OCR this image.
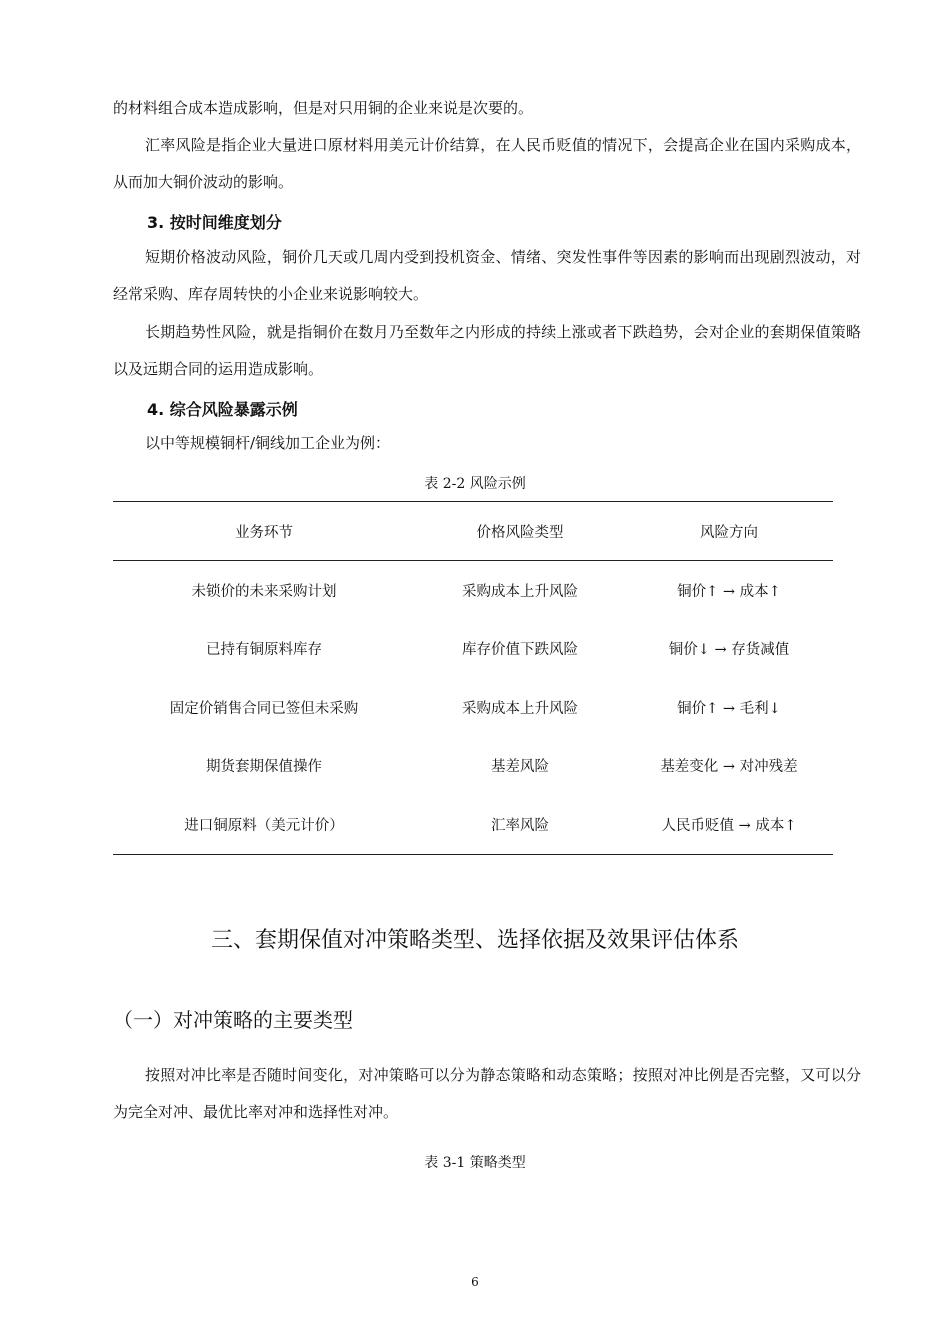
的材料组合成本造成影响，但是对只用铜的企业来说是次要的。

汇率风险是指企业大量进口原材料用美元计价结算，在人民币贬值的情况下，会提高企业在国内采购成本，从而加大铜价波动的影响。

3. 按时间维度划分

短期价格波动风险，铜价几天或几周内受到投机资金、情绪、突发性事件等因素的影响而出现剧烈波动，对经常采购、库存周转快的小企业来说影响较大。

长期趋势性风险，就是指铜价在数月乃至数年之内形成的持续上涨或者下跌趋势，会对企业的套期保值策略以及远期合同的运用造成影响。

4. 综合风险暴露示例

以中等规模铜杆/铜线加工企业为例：

表 2-2 风险示例

业务环节	价格风险类型	风险方向
未锁价的未来采购计划	采购成本上升风险	铜价↑ → 成本↑
已持有铜原料库存	库存价值下跌风险	铜价↓ → 存货减值
固定价销售合同已签但未采购	采购成本上升风险	铜价↑ → 毛利↓
期货套期保值操作	基差风险	基差变化 → 对冲残差
进口铜原料（美元计价）	汇率风险	人民币贬值 → 成本↑

三、套期保值对冲策略类型、选择依据及效果评估体系

（一）对冲策略的主要类型

按照对冲比率是否随时间变化，对冲策略可以分为静态策略和动态策略；按照对冲比例是否完整，又可以分为完全对冲、最优比率对冲和选择性对冲。

表 3-1 策略类型

6
